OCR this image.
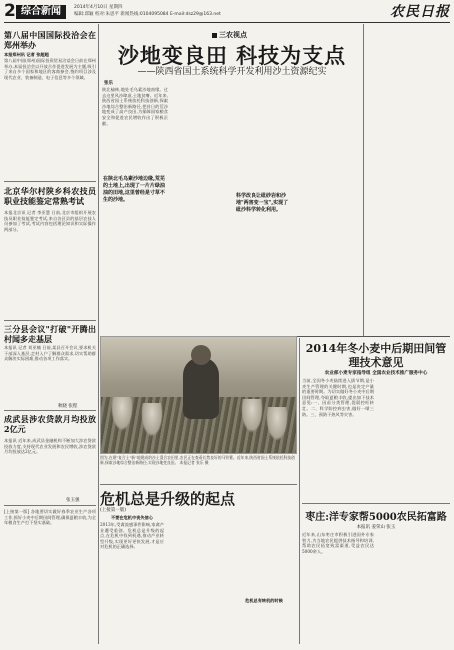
2 综合新闻	2014年4月10日 星期四
编辑:邱颖 校对:朱思平 新闻热线:0104095084 E-mail:dsz29@163.net	农民日报
第八届中国国际投洽会在郑州举办
本报郑州讯 记者 张超超
第八届中国(郑州)国际投资贸易洽谈会日前在郑州举办,本届投洽会以开放合作促进发展为主题,吸引了来自多个国家和地区的客商参会,签约项目涉及现代农业、装备制造、电子信息等多个领域。
北京华尔村陕乡科农技员职业技能鉴定常熟考试
本报北京讯 记者 李亚慧 日前,北京市组织开展农技员职业技能鉴定考试,来自各区县的基层农技人员参加了考试,考试内容包括理论知识和实际操作两部分。
三分县会议"打破"开腾出村闻多走基层
本报讯 记者 刘亚楠 日前,某县召开会议,要求机关干部深入基层,走村入户了解群众需求,切实帮助群众解决实际困难,推动各项工作落实。
秋晓 张程
成武县涉农贷款月均投放2亿元
本报讯 近年来,成武县金融机构不断加大涉农贷款投放力度,支持现代农业发展和农民增收,涉农贷款月均投放达2亿元。
张玉强
[上接第一版] 各地要切实做好春季农业生产各项工作,抓好小麦中后期田间管理,确保夏粮丰收,为全年粮食生产打下坚实基础。
三农视点
沙地变良田 科技为支点
——陕西省国土系统科学开发利用沙土资源纪实
张乐
陕北榆林,地处毛乌素沙地南缘。过去这里风沙肆虐,土地贫瘠。近年来,陕西省国土系统依托科技创新,探索沙地综合整治新路径,把昔日的荒沙地变成了高产良田,为保障国家粮食安全和促进农民增收作出了积极贡献。
在陕北毛乌素沙地边缘,荒芜的土地上,出现了一片片绿油油的田地,这里曾经是寸草不生的沙地。
科学改良让砒砂岩和沙地"两害变一宝",实现了砒沙科学转化利用。
图为,在建"复合土"新"地建成的沙土混合农田里,农民正在查看长势良好的马铃薯。近年来,陕西省国土系统依托科技创新,探索沙地综合整治新路径,实现沙地变良田。 本报记者 张乐 摄
2014年冬小麦中后期田间管理技术意见
农业部小麦专家指导组 全国农业技术推广服务中心
当前,全国冬小麦陆续进入拔节期,是小麦生产管理的关键时期,也是决定产量的重要时期。为切实做好冬小麦中后期田间管理,夺取夏粮丰收,提出如下技术意见:一、因苗分类管理,促弱控旺转壮。二、科学防控病虫害,做好一喷三防。三、预防干热风等灾害。
危机总是升级的起点
(上接第一版)
不要在危机中丧失信心
2013年,受禽流感事件影响,家禽产业遭受重创。危机总是升级的起点,在危机中找到机遇,推动产业转型升级,实现更好更快发展,才是应对危机的正确选择。
危机总有转机的时候
枣庄:洋专家帮5000农民拓富路
本报讯 姜荣山 张玉
近年来,山东枣庄市积极引进国外专家智力,为当地农民提供技术指导和培训,帮助农民拓宽致富渠道,受益农民达5000余人。
